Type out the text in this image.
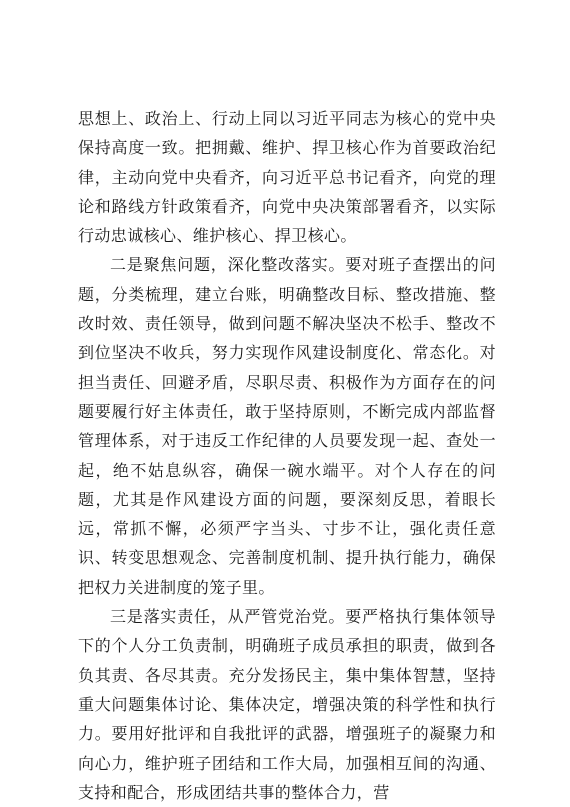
思想上、政治上、行动上同以习近平同志为核心的党中央保持高度一致。把拥戴、维护、捍卫核心作为首要政治纪律，主动向党中央看齐，向习近平总书记看齐，向党的理论和路线方针政策看齐，向党中央决策部署看齐，以实际行动忠诚核心、维护核心、捍卫核心。

二是聚焦问题，深化整改落实。要对班子查摆出的问题，分类梳理，建立台账，明确整改目标、整改措施、整改时效、责任领导，做到问题不解决坚决不松手、整改不到位坚决不收兵，努力实现作风建设制度化、常态化。对担当责任、回避矛盾，尽职尽责、积极作为方面存在的问题要履行好主体责任，敢于坚持原则，不断完成内部监督管理体系，对于违反工作纪律的人员要发现一起、查处一起，绝不姑息纵容，确保一碗水端平。对个人存在的问题，尤其是作风建设方面的问题，要深刻反思，着眼长远，常抓不懈，必须严字当头、寸步不让，强化责任意识、转变思想观念、完善制度机制、提升执行能力，确保把权力关进制度的笼子里。

三是落实责任，从严管党治党。要严格执行集体领导下的个人分工负责制，明确班子成员承担的职责，做到各负其责、各尽其责。充分发扬民主，集中集体智慧，坚持重大问题集体讨论、集体决定，增强决策的科学性和执行力。要用好批评和自我批评的武器，增强班子的凝聚力和向心力，维护班子团结和工作大局，加强相互间的沟通、支持和配合，形成团结共事的整体合力，营
